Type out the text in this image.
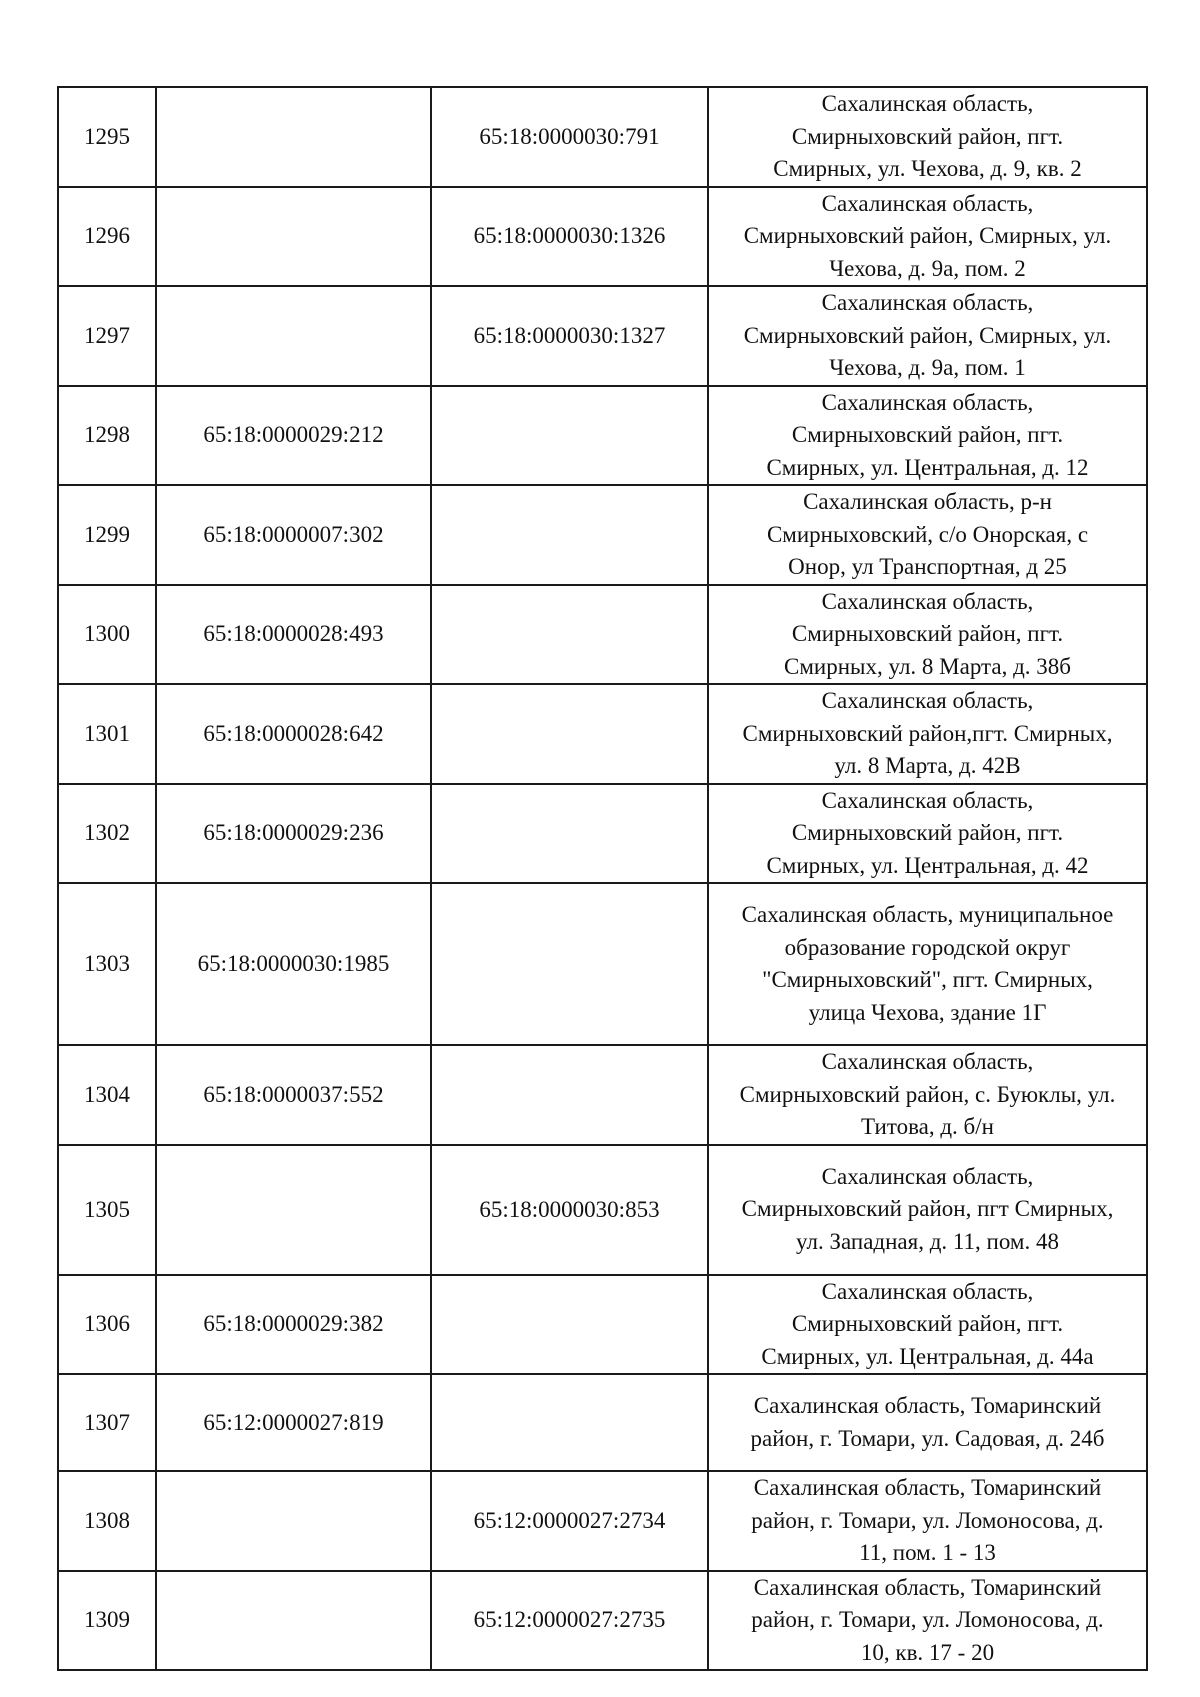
1295		65:18:0000030:791	Сахалинская область,
Смирныховский район, пгт.
Смирных, ул. Чехова, д. 9, кв. 2
1296		65:18:0000030:1326	Сахалинская область,
Смирныховский район, Смирных, ул.
Чехова, д. 9а, пом. 2
1297		65:18:0000030:1327	Сахалинская область,
Смирныховский район, Смирных, ул.
Чехова, д. 9а, пом. 1
1298	65:18:0000029:212		Сахалинская область,
Смирныховский район, пгт.
Смирных, ул. Центральная, д. 12
1299	65:18:0000007:302		Сахалинская область, р-н
Смирныховский, с/о Онорская, с
Онор, ул Транспортная, д 25
1300	65:18:0000028:493		Сахалинская область,
Смирныховский район, пгт.
Смирных, ул. 8 Марта, д. 38б
1301	65:18:0000028:642		Сахалинская область,
Смирныховский район,пгт. Смирных,
ул. 8 Марта, д. 42В
1302	65:18:0000029:236		Сахалинская область,
Смирныховский район, пгт.
Смирных, ул. Центральная, д. 42
1303	65:18:0000030:1985		Сахалинская область, муниципальное
образование городской округ
"Смирныховский", пгт. Смирных,
улица Чехова, здание 1Г
1304	65:18:0000037:552		Сахалинская область,
Смирныховский район, с. Буюклы, ул.
Титова, д. б/н
1305		65:18:0000030:853	Сахалинская область,
Смирныховский район, пгт Смирных,
ул. Западная, д. 11, пом. 48
1306	65:18:0000029:382		Сахалинская область,
Смирныховский район, пгт.
Смирных, ул. Центральная, д. 44а
1307	65:12:0000027:819		Сахалинская область, Томаринский
район, г. Томари, ул. Садовая, д. 24б
1308		65:12:0000027:2734	Сахалинская область, Томаринский
район, г. Томари, ул. Ломоносова, д.
11, пом. 1 - 13
1309		65:12:0000027:2735	Сахалинская область, Томаринский
район, г. Томари, ул. Ломоносова, д.
10, кв. 17 - 20
